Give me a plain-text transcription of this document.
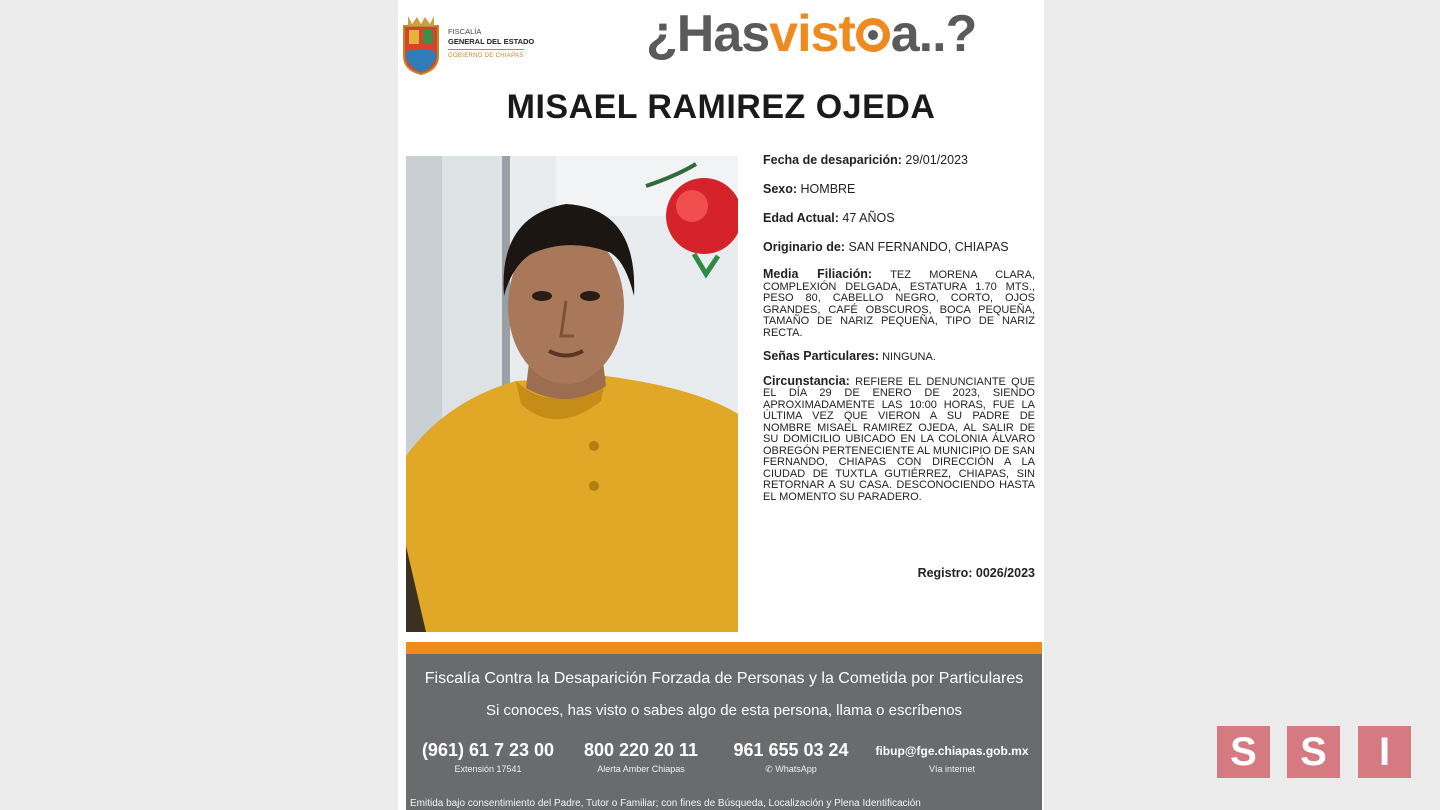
FISCALÍA
GENERAL DEL ESTADO
GOBIERNO DE CHIAPAS	¿Hasvist a..?
MISAEL RAMIREZ OJEDA
Fecha de desaparición: 29/01/2023
Sexo: HOMBRE
Edad Actual: 47 AÑOS
Originario de: SAN FERNANDO, CHIAPAS
Media Filiación: TEZ MORENA CLARA, COMPLEXIÓN DELGADA, ESTATURA 1.70 MTS., PESO 80, CABELLO NEGRO, CORTO, OJOS GRANDES, CAFÉ OBSCUROS, BOCA PEQUEÑA, TAMAÑO DE NARIZ PEQUEÑA, TIPO DE NARIZ RECTA.
Señas Particulares: NINGUNA.
Circunstancia: REFIERE EL DENUNCIANTE QUE EL DÍA 29 DE ENERO DE 2023, SIENDO APROXIMADAMENTE LAS 10:00 HORAS, FUE LA ÚLTIMA VEZ QUE VIERON A SU PADRE DE NOMBRE MISAEL RAMIREZ OJEDA, AL SALIR DE SU DOMICILIO UBICADO EN LA COLONIA ÁLVARO OBREGÓN PERTENECIENTE AL MUNICIPIO DE SAN FERNANDO, CHIAPAS CON DIRECCIÓN A LA CIUDAD DE TUXTLA GUTIÉRREZ, CHIAPAS, SIN RETORNAR A SU CASA. DESCONOCIENDO HASTA EL MOMENTO SU PARADERO.
Registro: 0026/2023
Fiscalía Contra la Desaparición Forzada de Personas y la Cometida por Particulares
Si conoces, has visto o sabes algo de esta persona, llama o escríbenos
(961) 61 7 23 00
Extensión 17541
800 220 20 11
Alerta Amber Chiapas
961 655 03 24
✆ WhatsApp
fibup@fge.chiapas.gob.mx
Vía internet
Emitida bajo consentimiento del Padre, Tutor o Familiar; con fines de Búsqueda, Localización y Plena Identificación
S	S	I
